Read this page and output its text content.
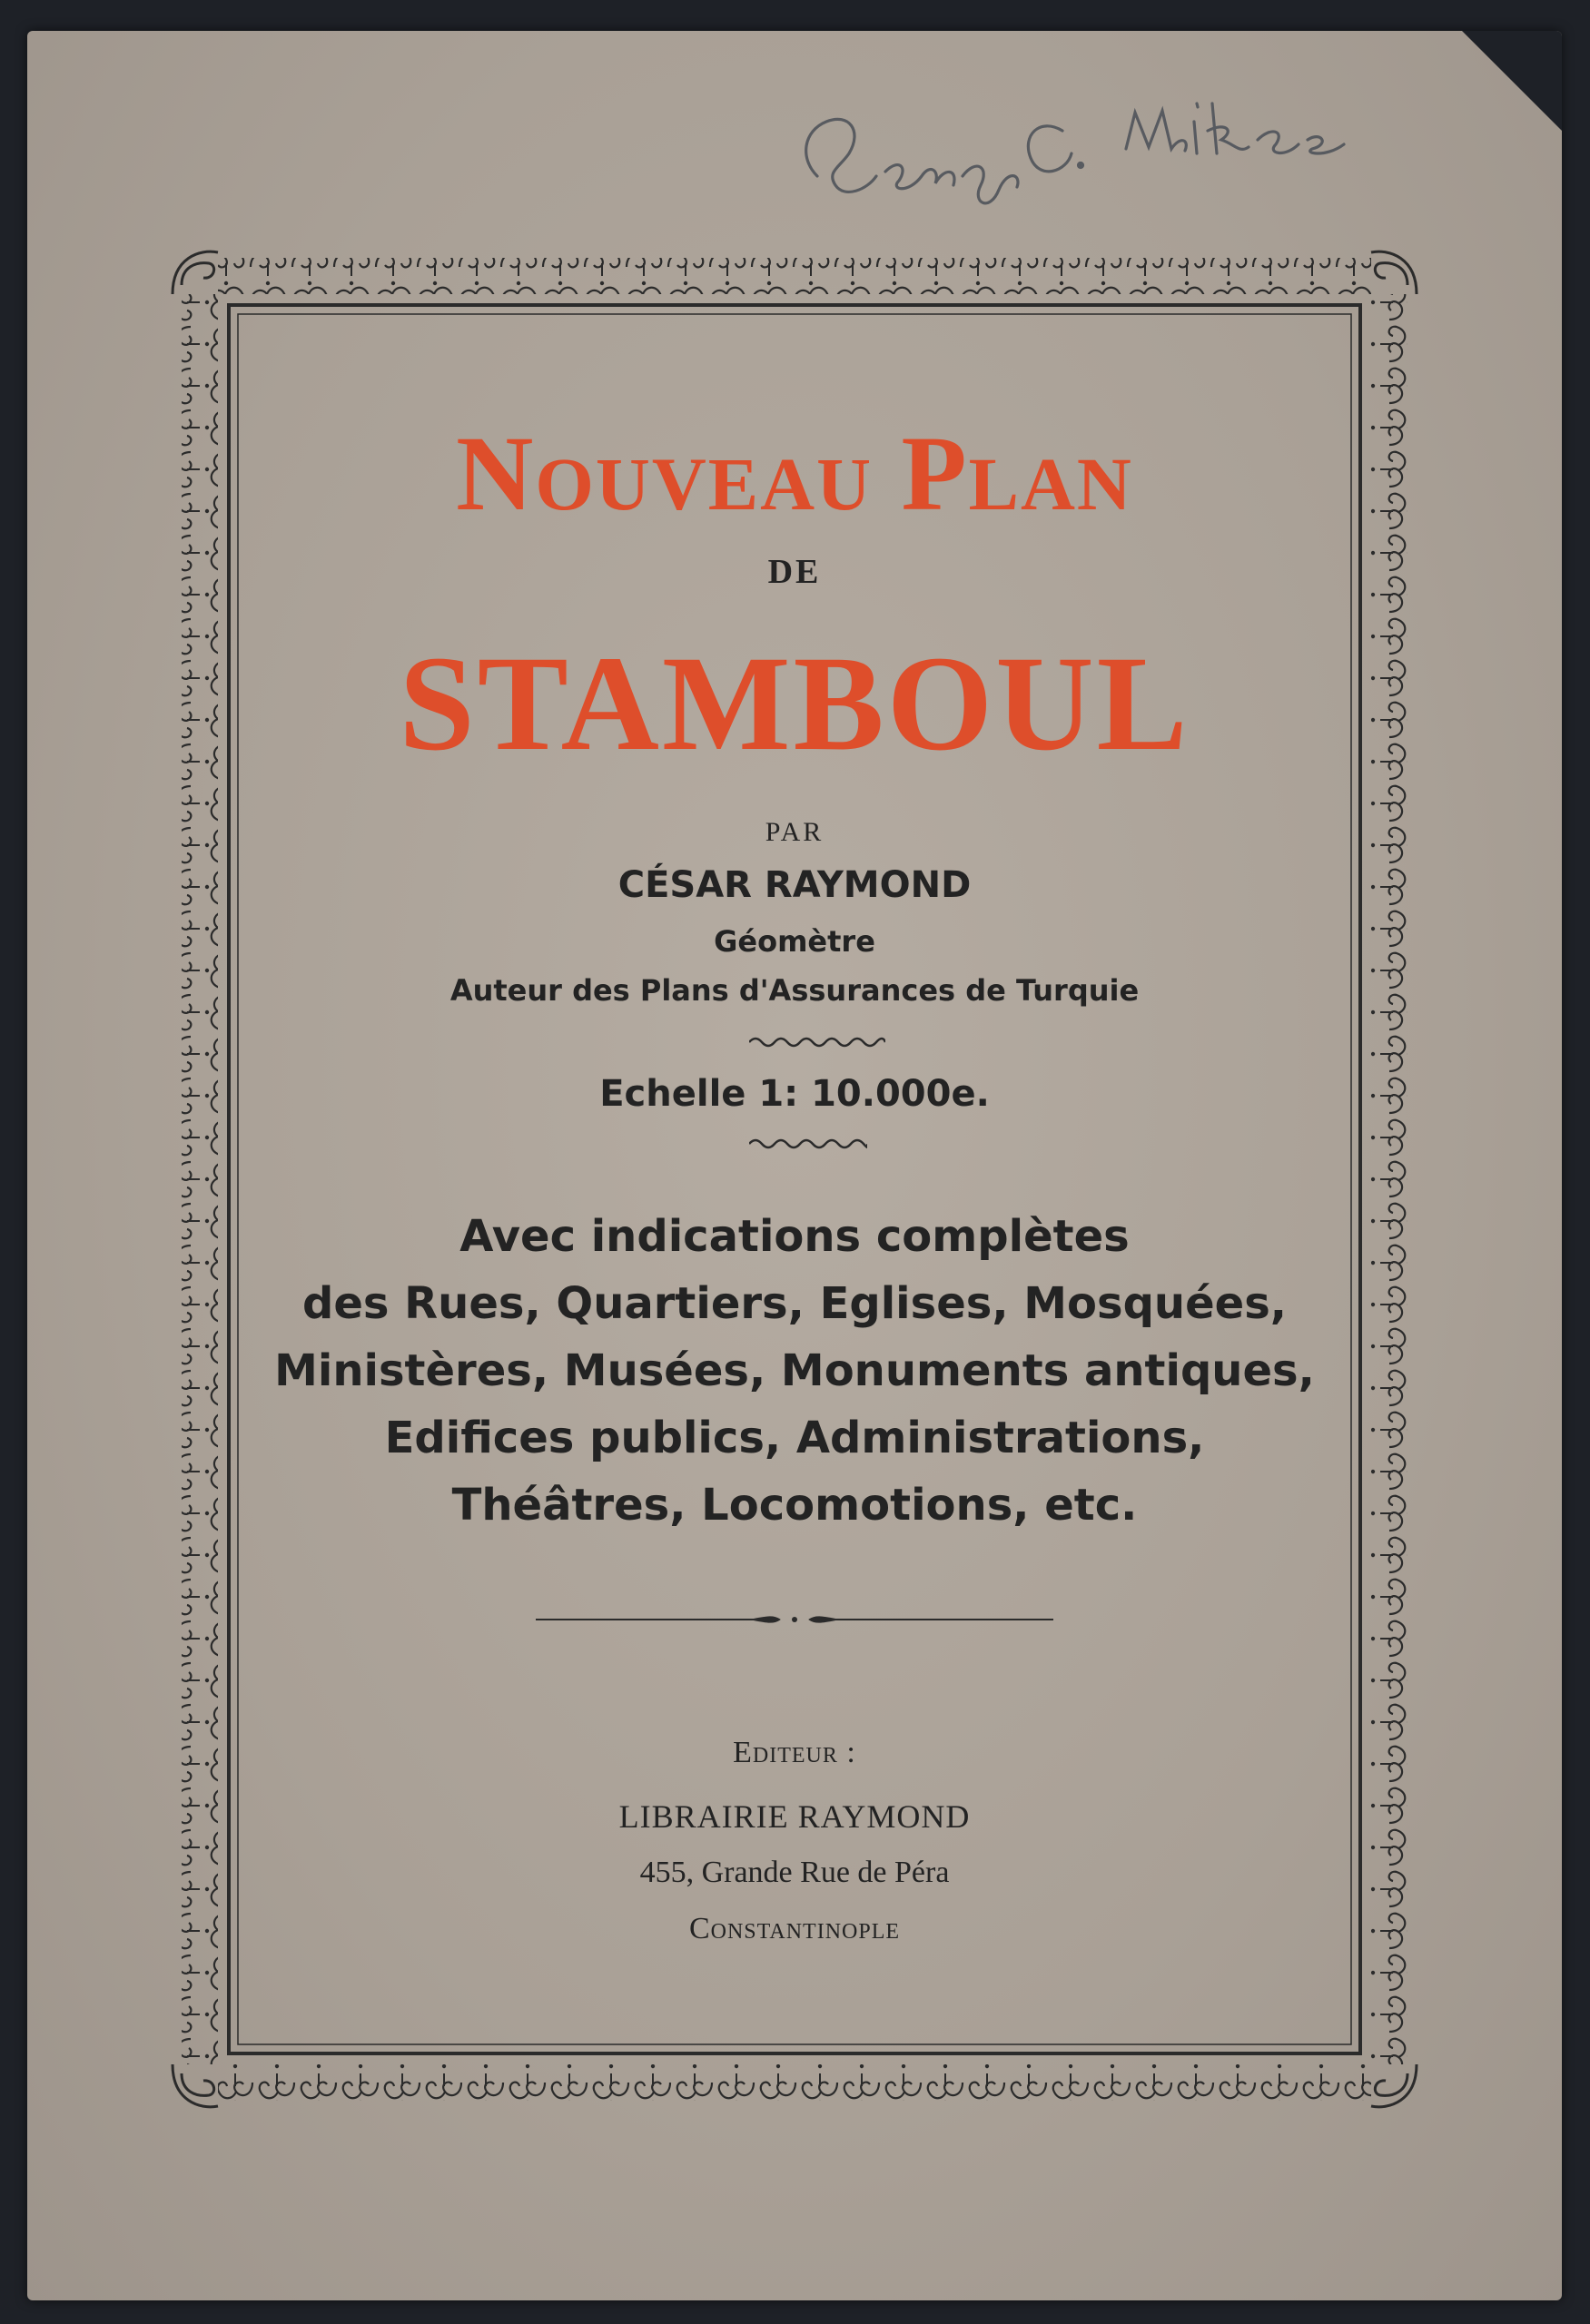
Nouveau Plan
DE
STAMBOUL
PAR
CÉSAR RAYMOND
Géomètre
Auteur des Plans d'Assurances de Turquie
Echelle 1: 10.000e.
Avec indications complètes
des Rues, Quartiers, Eglises, Mosquées,
Ministères, Musées, Monuments antiques,
Edifices publics, Administrations,
Théâtres, Locomotions, etc.
Editeur :
LIBRAIRIE RAYMOND
455, Grande Rue de Péra
Constantinople
